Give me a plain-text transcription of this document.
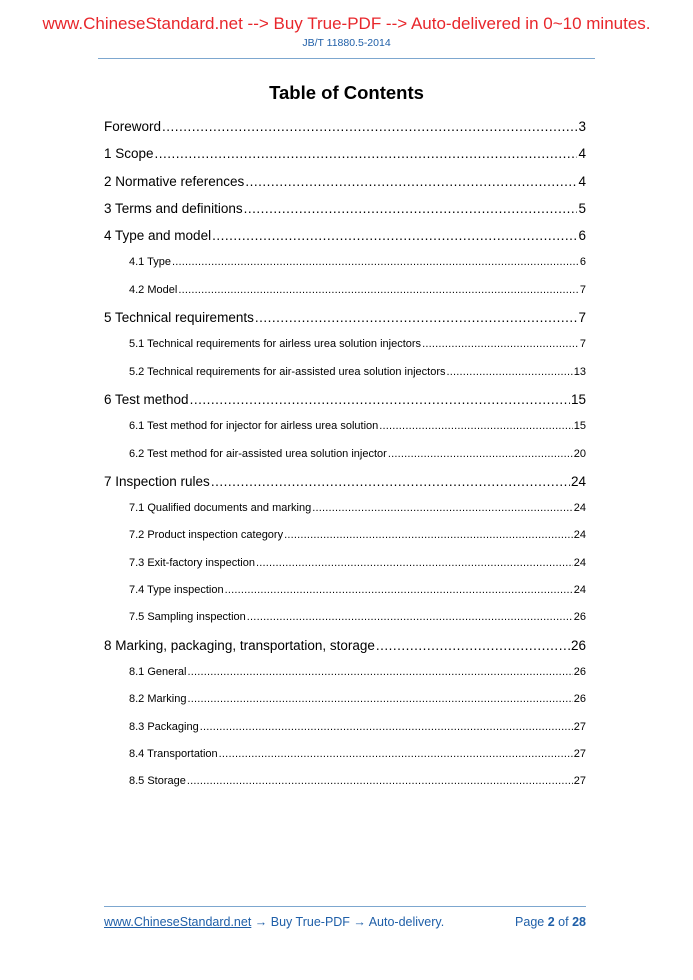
www.ChineseStandard.net --> Buy True-PDF --> Auto-delivered in 0~10 minutes.
JB/T 11880.5-2014
Table of Contents
Foreword .....	3
1 Scope .....	4
2 Normative references .....	4
3 Terms and definitions .....	5
4 Type and model .....	6
4.1 Type .....	6
4.2 Model .....	7
5 Technical requirements .....	7
5.1 Technical requirements for airless urea solution injectors .....	7
5.2 Technical requirements for air-assisted urea solution injectors .....	13
6 Test method .....	15
6.1 Test method for injector for airless urea solution .....	15
6.2 Test method for air-assisted urea solution injector .....	20
7 Inspection rules .....	24
7.1 Qualified documents and marking .....	24
7.2 Product inspection category .....	24
7.3 Exit-factory inspection .....	24
7.4 Type inspection .....	24
7.5 Sampling inspection .....	26
8 Marking, packaging, transportation, storage .....	26
8.1 General .....	26
8.2 Marking .....	26
8.3 Packaging .....	27
8.4 Transportation .....	27
8.5 Storage .....	27
www.ChineseStandard.net → Buy True-PDF → Auto-delivery.	Page 2 of 28
